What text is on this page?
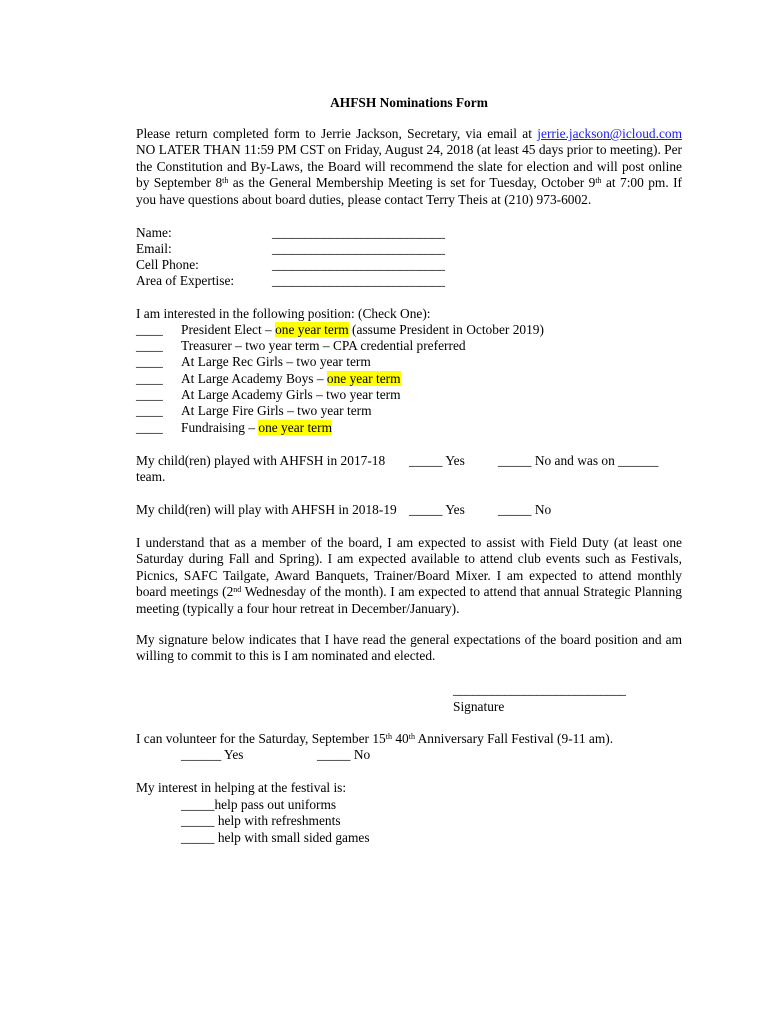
AHFSH Nominations Form
Please return completed form to Jerrie Jackson, Secretary, via email at jerrie.jackson@icloud.com NO LATER THAN 11:59 PM CST on Friday, August 24, 2018 (at least 45 days prior to meeting). Per the Constitution and By-Laws, the Board will recommend the slate for election and will post online by September 8th as the General Membership Meeting is set for Tuesday, October 9th at 7:00 pm. If you have questions about board duties, please contact Terry Theis at (210) 973-6002.
Name:	___________________________
Email:	___________________________
Cell Phone:	___________________________
Area of Expertise:	___________________________
I am interested in the following position: (Check One):
____ President Elect – one year term (assume President in October 2019)
____ Treasurer – two year term – CPA credential preferred
____ At Large Rec Girls – two year term
____ At Large Academy Boys – one year term
____ At Large Academy Girls – two year term
____ At Large Fire Girls – two year term
____ Fundraising – one year term
My child(ren) played with AHFSH in 2017-18 _____ Yes _____ No and was on ______
team.
My child(ren) will play with AHFSH in 2018-19 _____ Yes _____ No
I understand that as a member of the board, I am expected to assist with Field Duty (at least one Saturday during Fall and Spring). I am expected available to attend club events such as Festivals, Picnics, SAFC Tailgate, Award Banquets, Trainer/Board Mixer. I am expected to attend monthly board meetings (2nd Wednesday of the month). I am expected to attend that annual Strategic Planning meeting (typically a four hour retreat in December/January).
My signature below indicates that I have read the general expectations of the board position and am willing to commit to this is I am nominated and elected.
___________________________
Signature
I can volunteer for the Saturday, September 15th 40th Anniversary Fall Festival (9-11 am).
______ Yes	_____ No
My interest in helping at the festival is:
_____help pass out uniforms
_____ help with refreshments
_____ help with small sided games
